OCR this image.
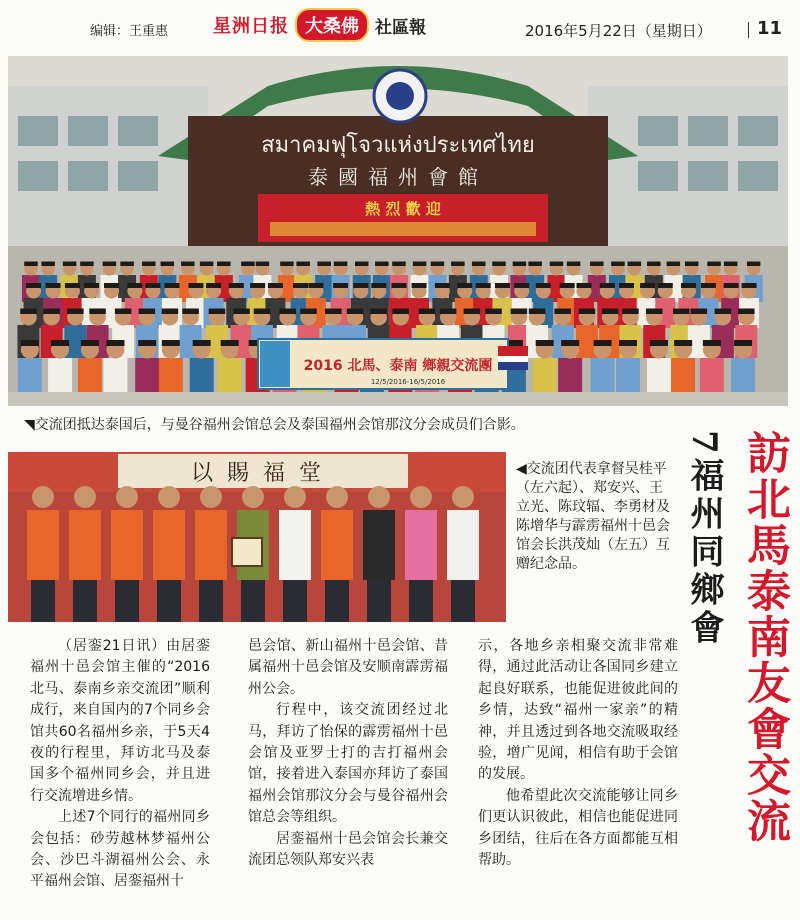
编辑：王重惠 星洲日报 大桑佛 社區報	2016年5月22日（星期日）	11
สมาคมฟุโจวแห่งประเทศไทย
泰國福州會館
熱 烈 歡 迎
2016 北馬、泰南 鄉親交流團
12/5/2016-16/5/2016
◥交流团抵达泰国后，与曼谷福州会馆总会及泰国福州会馆那汶分会成员们合影。
以賜福堂	◀交流团代表拿督吴桂平（左六起）、郑安兴、王立光、陈玟辐、李勇材及陈增华与霹雳福州十邑会馆会长洪茂灿（左五）互赠纪念品。	訪北馬泰南友會交流
7福州同鄉會

（居銮21日讯）由居銮福州十邑会馆主催的“2016北马、泰南乡亲交流团”顺利成行，来自国内的7个同乡会馆共60名福州乡亲，于5天4夜的行程里，拜访北马及泰国多个福州同乡会，并且进行交流增进乡情。

上述7个同行的福州同乡会包括：砂劳越林梦福州公会、沙巴斗湖福州公会、永平福州会馆、居銮福州十

邑会馆、新山福州十邑会馆、昔属福州十邑会馆及安顺南霹雳福州公会。

行程中，该交流团经过北马，拜访了怡保的霹雳福州十邑会馆及亚罗士打的吉打福州会馆，接着进入泰国亦拜访了泰国福州会馆那汶分会与曼谷福州会馆总会等组织。

居銮福州十邑会馆会长兼交流团总领队郑安兴表

示，各地乡亲相聚交流非常难得，通过此活动让各国同乡建立起良好联系，也能促进彼此间的乡情，达致“福州一家亲”的精神，并且透过到各地交流吸取经验，增广见闻，相信有助于会馆的发展。

他希望此次交流能够让同乡们更认识彼此，相信也能促进同乡团结，往后在各方面都能互相帮助。
